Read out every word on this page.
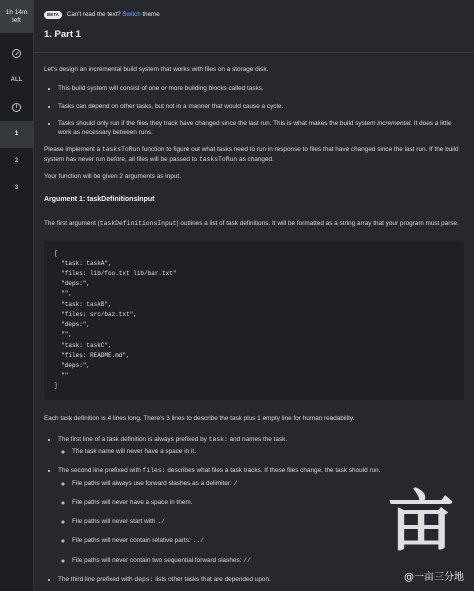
1h 14m
left
ALL
i
1
2
3
BETA	Can't read the text?
Switch
theme
1. Part 1

Let's design an incremental build system that works with files on a storage disk.

• This build system will consist of one or more building blocks called tasks.
• Tasks can depend on other tasks, but not in a manner that would cause a cycle.
• Tasks should only run if the files they track have changed since the last run. This is what makes the build system incremental. It does a little work as necessary between runs.

Please implement a tasksToRun function to figure out what tasks need to run in response to files that have changed since the last run. If the build system has never run before, all files will be passed to tasksToRun as changed.

Your function will be given 2 arguments as input.

Argument 1: taskDefinitionsInput

The first argument (taskDefinitionsInput) outlines a list of task definitions. It will be formatted as a string array that your program must parse.

[
"task: taskA",
"files: lib/foo.txt lib/bar.txt"
"deps:",
"",
"task: taskB",
"files: src/baz.txt",
"deps:",
"",
"task: taskC",
"files: README.md",
"deps:",
""
]

Each task definition is 4 lines long. There's 3 lines to describe the task plus 1 empty line for human readability.

• The first line of a task definition is always prefixed by task: and names the task.
◦ The task name will never have a space in it.
• The second line prefixed with files: describes what files a task tracks. If these files change, the task should run.
◦ File paths will always use forward slashes as a delimiter: /
◦ File paths will never have a space in them.
◦ File paths will never start with ./
◦ File paths will never contain relative parts: ../
◦ File paths will never contain two sequential forward slashes: //
• The third line prefixed with deps: lists other tasks that are depended upon.
亩
@一亩三分地
